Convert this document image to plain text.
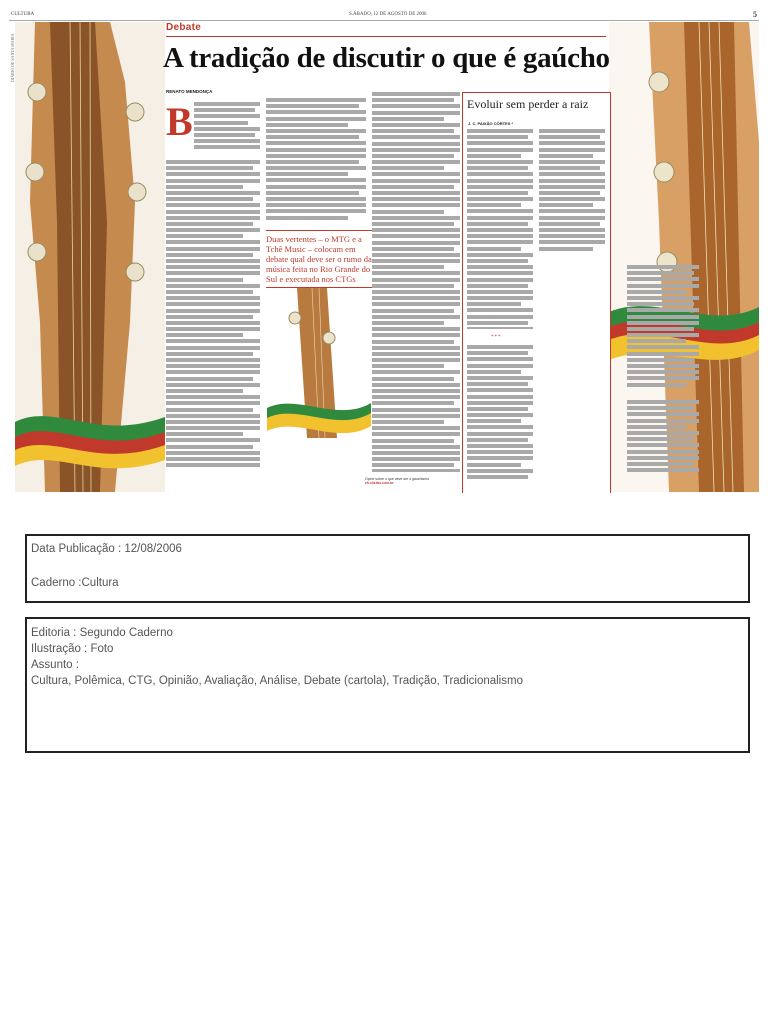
CULTURA	S.ÁBADO, 12 DE AGOSTO DE 2006	5
DIÁRIO DE SANTA MARIA
Debate
A tradição de discutir o que é gaúcho
RENATO MENDONÇA
B
Duas vertentes – o MTG e a Tchê Music – colocam em debate qual deve ser o rumo da música feita no Rio Grande do Sul e executada nos CTGs
Opine sobre o que deve ser o gauchismo
zh.clicrbs.com.br
Evoluir sem perder a raiz
J. C. PAIXÃO CÔRTES *
***
Data Publicação : 12/08/2006
Caderno :Cultura
Editoria : Segundo Caderno
Ilustração : Foto
Assunto :
Cultura, Polêmica, CTG, Opinião, Avaliação, Análise, Debate (cartola), Tradição, Tradicionalismo
